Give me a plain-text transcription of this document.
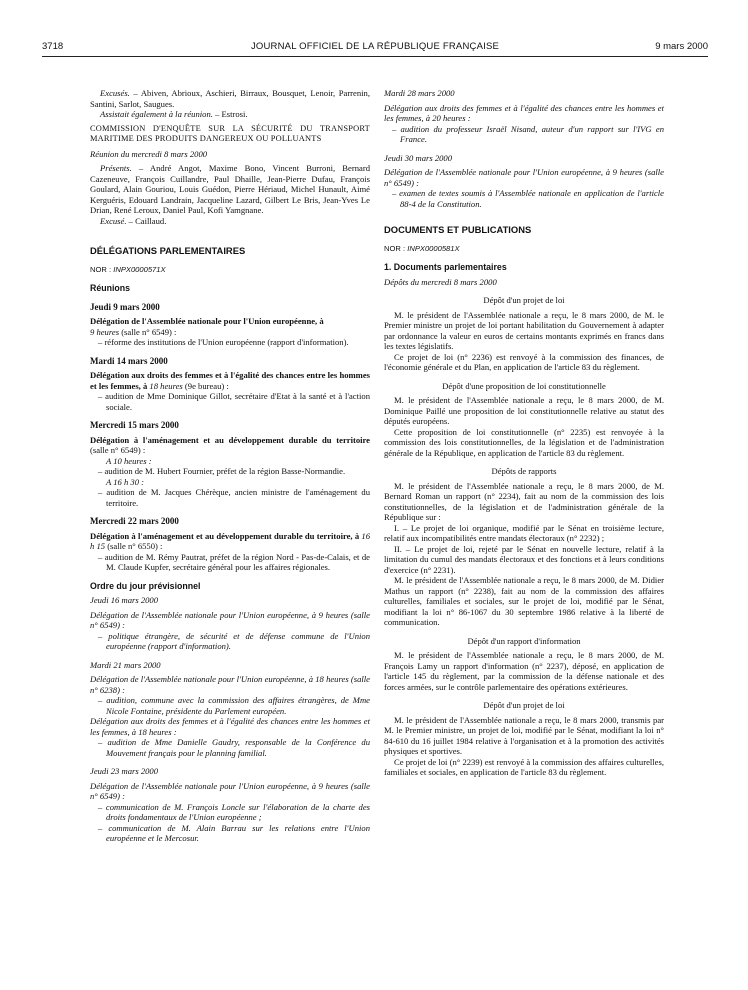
3718	JOURNAL OFFICIEL DE LA RÉPUBLIQUE FRANÇAISE	9 mars 2000

Excusés. – Abiven, Abrioux, Aschieri, Birraux, Bousquet, Lenoir, Parrenin, Santini, Sarlot, Saugues.

Assistait également à la réunion. – Estrosi.

COMMISSION D'ENQUÊTE SUR LA SÉCURITÉ DU TRANSPORT MARITIME DES PRODUITS DANGEREUX OU POLLUANTS

Réunion du mercredi 8 mars 2000

Présents. – André Angot, Maxime Bono, Vincent Burroni, Bernard Cazeneuve, François Cuillandre, Paul Dhaille, Jean-Pierre Dufau, François Goulard, Alain Gouriou, Louis Guédon, Pierre Hériaud, Michel Hunault, Aimé Kerguéris, Edouard Landrain, Jacqueline Lazard, Gilbert Le Bris, Jean-Yves Le Drian, René Leroux, Daniel Paul, Kofi Yamgnane.

Excusé. – Caillaud.

DÉLÉGATIONS PARLEMENTAIRES

NOR : INPX0000571X

Réunions

Jeudi 9 mars 2000

Délégation de l'Assemblée nationale pour l'Union européenne, à
9 heures (salle n° 6549) :

– réforme des institutions de l'Union européenne (rapport d'information).

Mardi 14 mars 2000

Délégation aux droits des femmes et à l'égalité des chances entre les hommes et les femmes, à 18 heures (9e bureau) :

– audition de Mme Dominique Gillot, secrétaire d'Etat à la santé et à l'action sociale.

Mercredi 15 mars 2000

Délégation à l'aménagement et au développement durable du territoire (salle n° 6549) :

A 10 heures :

– audition de M. Hubert Fournier, préfet de la région Basse-Normandie.

A 16 h 30 :

– audition de M. Jacques Chérèque, ancien ministre de l'aménagement du territoire.

Mercredi 22 mars 2000

Délégation à l'aménagement et au développement durable du territoire, à 16 h 15 (salle n° 6550) :

– audition de M. Rémy Pautrat, préfet de la région Nord - Pas-de-Calais, et de M. Claude Kupfer, secrétaire général pour les affaires régionales.

Ordre du jour prévisionnel

Jeudi 16 mars 2000

Délégation de l'Assemblée nationale pour l'Union européenne, à 9 heures (salle n° 6549) :

– politique étrangère, de sécurité et de défense commune de l'Union européenne (rapport d'information).

Mardi 21 mars 2000

Délégation de l'Assemblée nationale pour l'Union européenne, à 18 heures (salle n° 6238) :

– audition, commune avec la commission des affaires étrangères, de Mme Nicole Fontaine, présidente du Parlement européen.

Délégation aux droits des femmes et à l'égalité des chances entre les hommes et les femmes, à 18 heures :

– audition de Mme Danielle Gaudry, responsable de la Conférence du Mouvement français pour le planning familial.

Jeudi 23 mars 2000

Délégation de l'Assemblée nationale pour l'Union européenne, à 9 heures (salle n° 6549) :

– communication de M. François Loncle sur l'élaboration de la charte des droits fondamentaux de l'Union européenne ;

– communication de M. Alain Barrau sur les relations entre l'Union européenne et le Mercosur.

Mardi 28 mars 2000

Délégation aux droits des femmes et à l'égalité des chances entre les hommes et les femmes, à 20 heures :

– audition du professeur Israël Nisand, auteur d'un rapport sur l'IVG en France.

Jeudi 30 mars 2000

Délégation de l'Assemblée nationale pour l'Union européenne, à 9 heures (salle n° 6549) :

– examen de textes soumis à l'Assemblée nationale en application de l'article 88-4 de la Constitution.

DOCUMENTS ET PUBLICATIONS

NOR : INPX0000581X

1. Documents parlementaires

Dépôts du mercredi 8 mars 2000

Dépôt d'un projet de loi

M. le président de l'Assemblée nationale a reçu, le 8 mars 2000, de M. le Premier ministre un projet de loi portant habilitation du Gouvernement à adapter par ordonnance la valeur en euros de certains montants exprimés en francs dans les textes législatifs.

Ce projet de loi (n° 2236) est renvoyé à la commission des finances, de l'économie générale et du Plan, en application de l'article 83 du règlement.

Dépôt d'une proposition de loi constitutionnelle

M. le président de l'Assemblée nationale a reçu, le 8 mars 2000, de M. Dominique Paillé une proposition de loi constitutionnelle relative au statut des députés européens.

Cette proposition de loi constitutionnelle (n° 2235) est renvoyée à la commission des lois constitutionnelles, de la législation et de l'administration générale de la République, en application de l'article 83 du règlement.

Dépôts de rapports

M. le président de l'Assemblée nationale a reçu, le 8 mars 2000, de M. Bernard Roman un rapport (n° 2234), fait au nom de la commission des lois constitutionnelles, de la législation et de l'administration générale de la République sur :

I. – Le projet de loi organique, modifié par le Sénat en troisième lecture, relatif aux incompatibilités entre mandats électoraux (n° 2232) ;

II. – Le projet de loi, rejeté par le Sénat en nouvelle lecture, relatif à la limitation du cumul des mandats électoraux et des fonctions et à leurs conditions d'exercice (n° 2231).

M. le président de l'Assemblée nationale a reçu, le 8 mars 2000, de M. Didier Mathus un rapport (n° 2238), fait au nom de la commission des affaires culturelles, familiales et sociales, sur le projet de loi, modifié par le Sénat, modifiant la loi n° 86-1067 du 30 septembre 1986 relative à la liberté de communication.

Dépôt d'un rapport d'information

M. le président de l'Assemblée nationale a reçu, le 8 mars 2000, de M. François Lamy un rapport d'information (n° 2237), déposé, en application de l'article 145 du règlement, par la commission de la défense nationale et des forces armées, sur le contrôle parlementaire des opérations extérieures.

Dépôt d'un projet de loi

M. le président de l'Assemblée nationale a reçu, le 8 mars 2000, transmis par M. le Premier ministre, un projet de loi, modifié par le Sénat, modifiant la loi n° 84-610 du 16 juillet 1984 relative à l'organisation et à la promotion des activités physiques et sportives.

Ce projet de loi (n° 2239) est renvoyé à la commission des affaires culturelles, familiales et sociales, en application de l'article 83 du règlement.
